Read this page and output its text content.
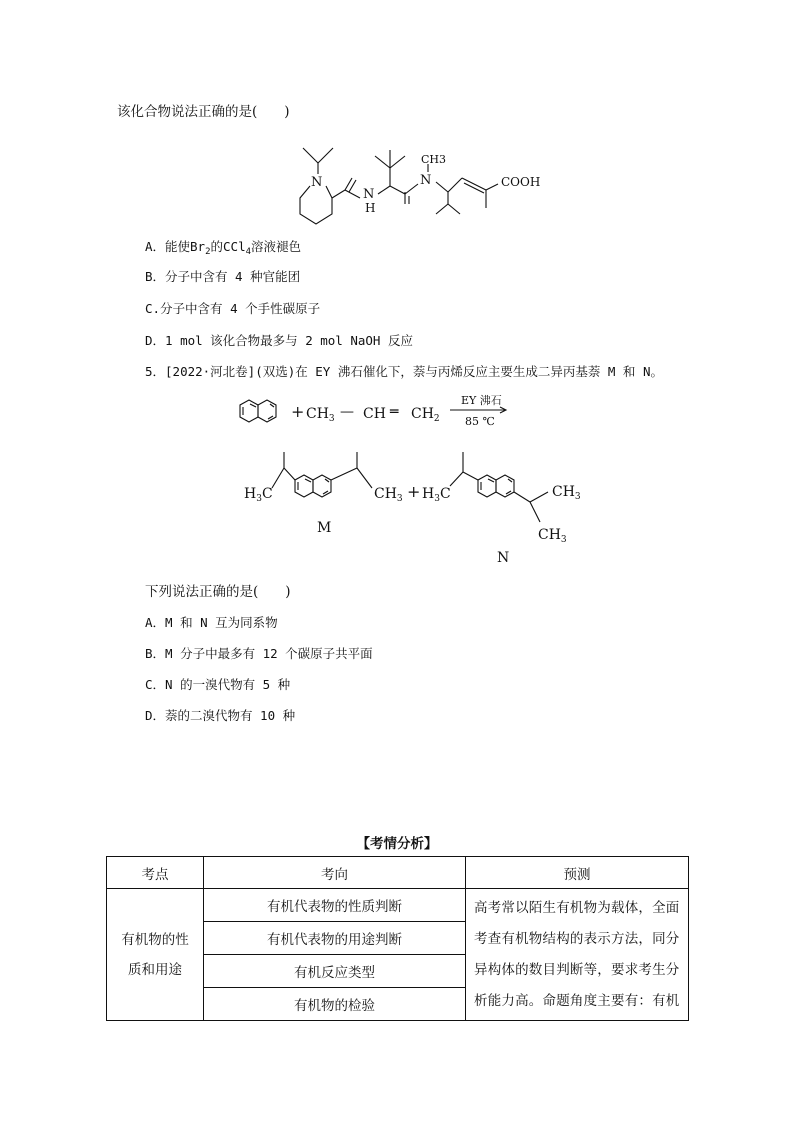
该化合物说法正确的是(　　)
N
N
H
N
CH3
COOH
A．能使$Br_2$的CCl$_4$溶液褪色
B．分子中含有 4 种官能团
C.分子中含有 4 个手性碳原子
D．1 mol 该化合物最多与 2 mol NaOH 反应
5．[2022·河北卷](双选)在 EY 沸石催化下，萘与丙烯反应主要生成二异丙基萘 M 和 N。
+ $CH_3$ — CH ═ $CH_2$
EY 沸石
85 ℃
$H_3C$	$CH_3$
M
+ $H_3C$	$CH_3$
$CH_3$
N
下列说法正确的是(　　)
A．M 和 N 互为同系物
B．M 分子中最多有 12 个碳原子共平面
C．N 的一溴代物有 5 种
D．萘的二溴代物有 10 种
【考情分析】
考点	考向	预测
有机物的性
质和用途	有机代表物的性质判断	高考常以陌生有机物为载体，全面考查有机物结构的表示方法，同分异构体的数目判断等，要求考生分析能力高。命题角度主要有：有机
	有机代表物的用途判断	
	有机反应类型	
	有机物的检验	
